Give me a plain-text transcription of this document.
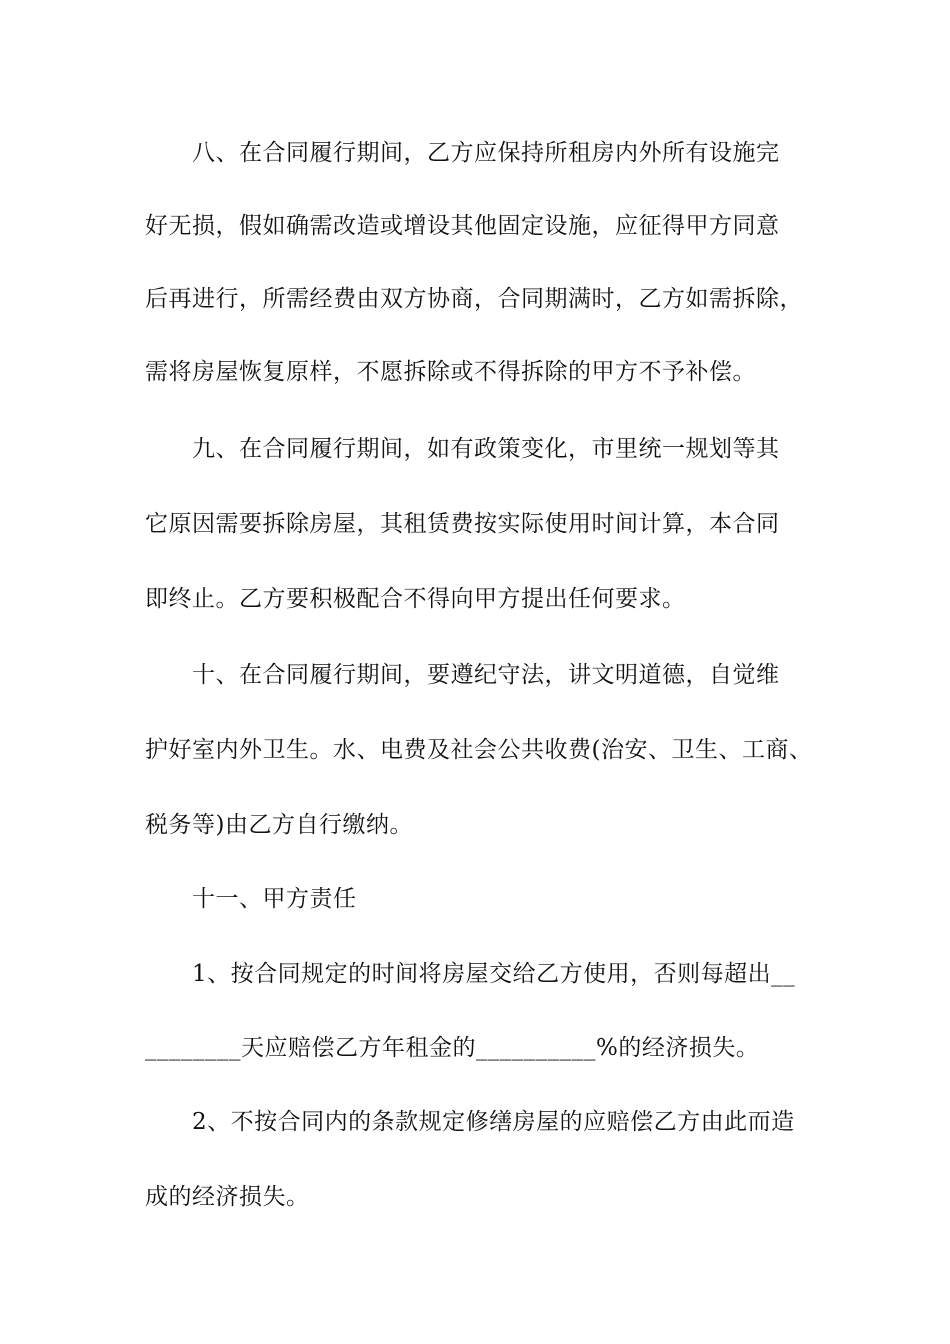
八、在合同履行期间，乙方应保持所租房内外所有设施完
好无损，假如确需改造或增设其他固定设施，应征得甲方同意
后再进行，所需经费由双方协商，合同期满时，乙方如需拆除，
需将房屋恢复原样，不愿拆除或不得拆除的甲方不予补偿。
九、在合同履行期间，如有政策变化，市里统一规划等其
它原因需要拆除房屋，其租赁费按实际使用时间计算，本合同
即终止。乙方要积极配合不得向甲方提出任何要求。
十、在合同履行期间，要遵纪守法，讲文明道德，自觉维
护好室内外卫生。水、电费及社会公共收费(治安、卫生、工商、
税务等)由乙方自行缴纳。
十一、甲方责任
1、按合同规定的时间将房屋交给乙方使用，否则每超出__
________天应赔偿乙方年租金的__________%的经济损失。
2、不按合同内的条款规定修缮房屋的应赔偿乙方由此而造
成的经济损失。
